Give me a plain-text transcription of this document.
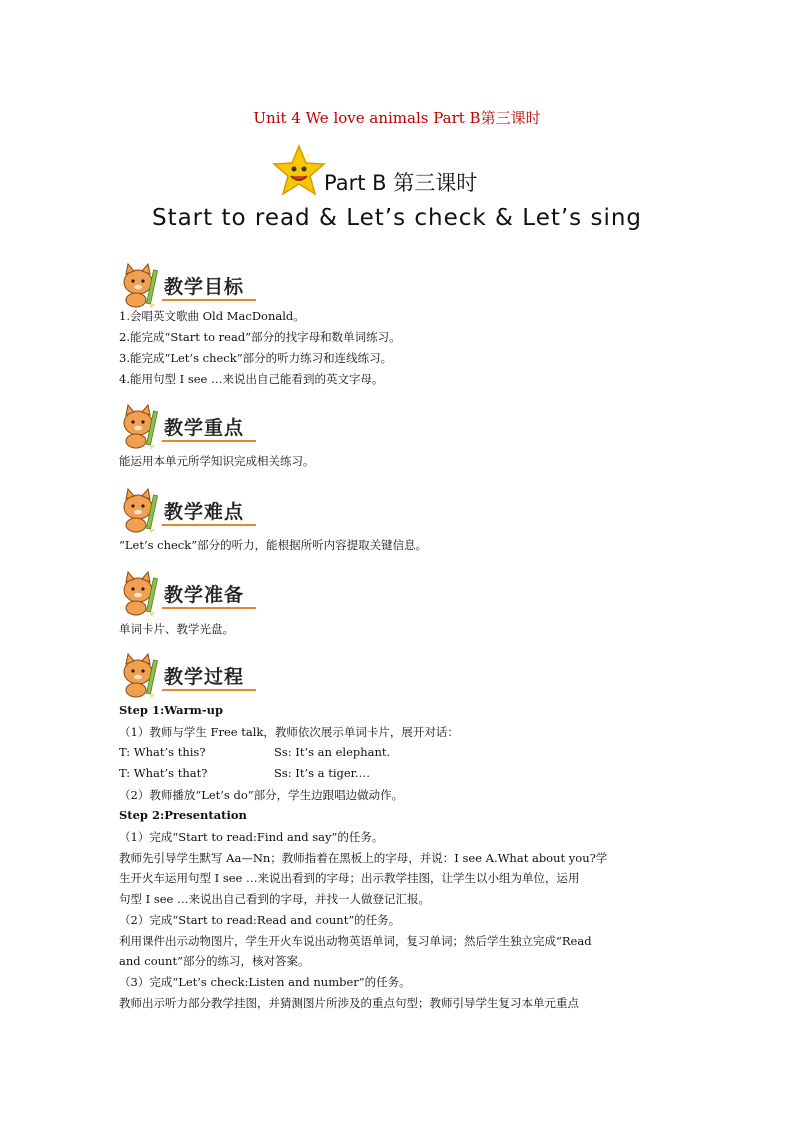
Unit 4 We love animals Part B第三课时
Part B 第三课时
Start to read & Let’s check & Let’s sing
教学目标
1.会唱英文歌曲 Old MacDonald。
2.能完成“Start to read”部分的找字母和数单词练习。
3.能完成“Let’s check”部分的听力练习和连线练习。
4.能用句型 I see …来说出自己能看到的英文字母。
教学重点
能运用本单元所学知识完成相关练习。
教学难点
“Let’s check”部分的听力，能根据所听内容提取关键信息。
教学准备
单词卡片、教学光盘。
教学过程
Step 1:Warm-up
（1）教师与学生 Free talk，教师依次展示单词卡片，展开对话：
T: What’s this?	Ss: It’s an elephant.
T: What’s that?	Ss: It’s a tiger.…
（2）教师播放“Let’s do”部分，学生边跟唱边做动作。
Step 2:Presentation
（1）完成“Start to read:Find and say”的任务。
教师先引导学生默写 Aa—Nn；教师指着在黑板上的字母，并说：I see A.What about you?学
生开火车运用句型 I see …来说出看到的字母；出示教学挂图，让学生以小组为单位，运用
句型 I see …来说出自己看到的字母，并找一人做登记汇报。
（2）完成“Start to read:Read and count”的任务。
利用课件出示动物图片，学生开火车说出动物英语单词，复习单词；然后学生独立完成“Read
and count”部分的练习，核对答案。
（3）完成“Let’s check:Listen and number”的任务。
教师出示听力部分教学挂图，并猜测图片所涉及的重点句型；教师引导学生复习本单元重点
